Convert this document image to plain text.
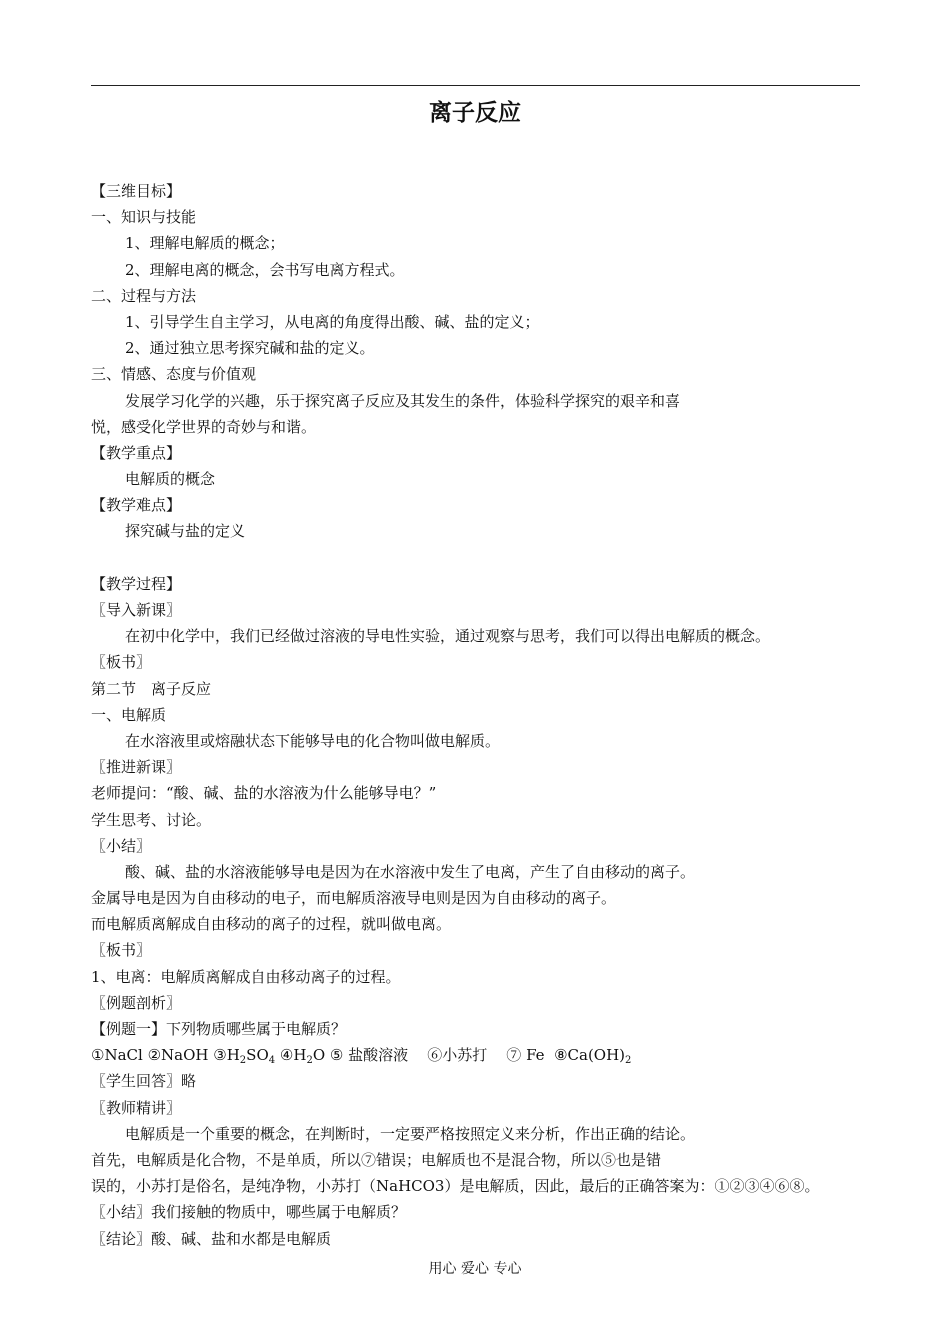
离子反应
【三维目标】
一、知识与技能
1、理解电解质的概念；
2、理解电离的概念，会书写电离方程式。
二、过程与方法
1、引导学生自主学习，从电离的角度得出酸、碱、盐的定义；
2、通过独立思考探究碱和盐的定义。
三、情感、态度与价值观
发展学习化学的兴趣，乐于探究离子反应及其发生的条件，体验科学探究的艰辛和喜
悦，感受化学世界的奇妙与和谐。
【教学重点】
电解质的概念
【教学难点】
探究碱与盐的定义
【教学过程】
〖导入新课〗
在初中化学中，我们已经做过溶液的导电性实验，通过观察与思考，我们可以得出电解质的概念。
〖板书〗
第二节　离子反应
一、电解质
在水溶液里或熔融状态下能够导电的化合物叫做电解质。
〖推进新课〗
老师提问：“酸、碱、盐的水溶液为什么能够导电？”
学生思考、讨论。
〖小结〗
酸、碱、盐的水溶液能够导电是因为在水溶液中发生了电离，产生了自由移动的离子。
金属导电是因为自由移动的电子，而电解质溶液导电则是因为自由移动的离子。
而电解质离解成自由移动的离子的过程，就叫做电离。
〖板书〗
1、电离：电解质离解成自由移动离子的过程。
〖例题剖析〗
【例题一】下列物质哪些属于电解质？
①NaCl ②NaOH $③H_2SO_4$ $④H_2O$ ⑤ 盐酸溶液 ⑥小苏打 ⑦ Fe $⑧Ca(OH)_2$
〖学生回答〗略
〖教师精讲〗
电解质是一个重要的概念，在判断时，一定要严格按照定义来分析，作出正确的结论。
首先，电解质是化合物，不是单质，所以⑦错误；电解质也不是混合物，所以⑤也是错
误的，小苏打是俗名，是纯净物，小苏打（NaHCO3）是电解质，因此，最后的正确答案为：①②③④⑥⑧。
〖小结〗我们接触的物质中，哪些属于电解质？
〖结论〗酸、碱、盐和水都是电解质
用心 爱心 专心
